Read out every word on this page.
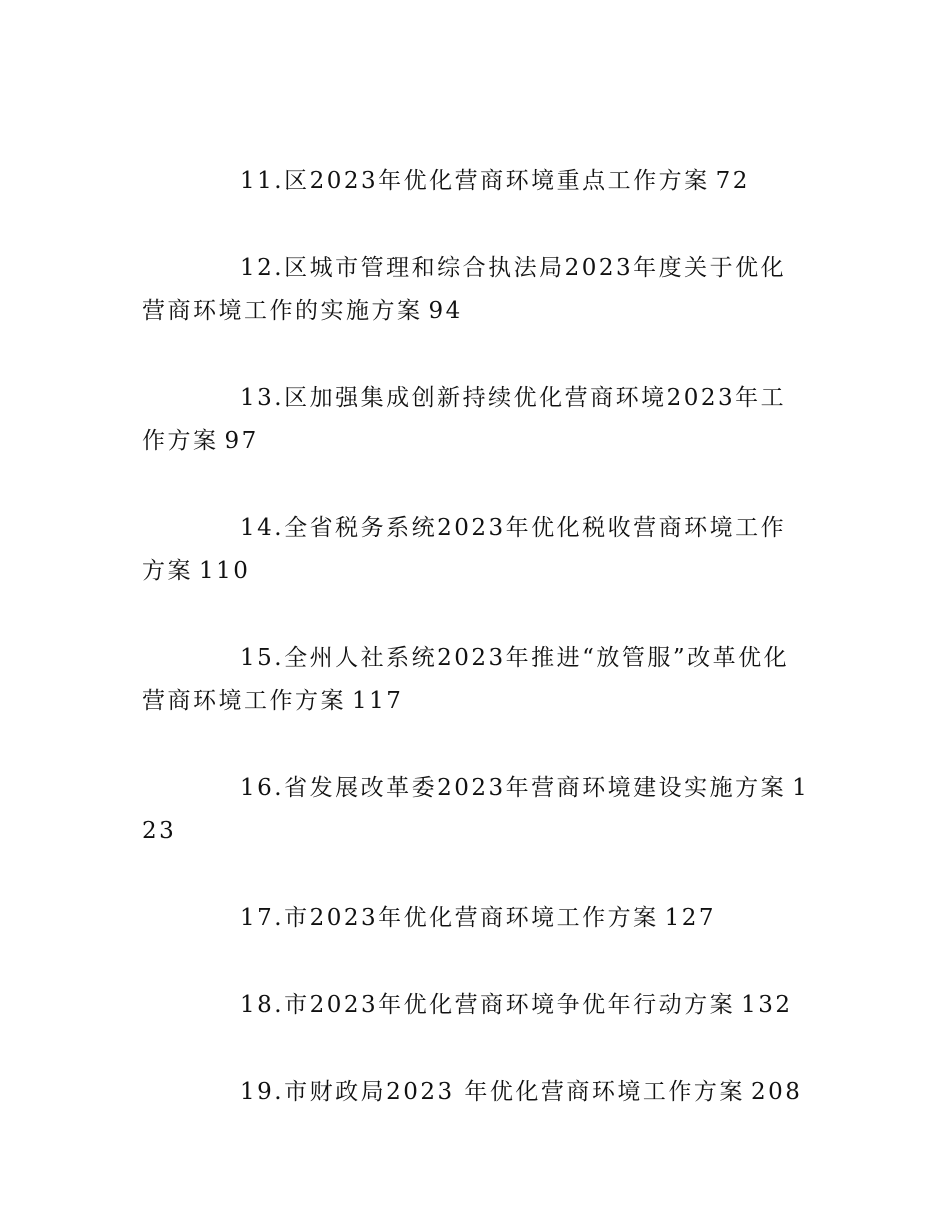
11.区2023年优化营商环境重点工作方案 72

12.区城市管理和综合执法局2023年度关于优化营商环境工作的实施方案 94

13.区加强集成创新持续优化营商环境2023年工作方案 97

14.全省税务系统2023年优化税收营商环境工作方案 110

15.全州人社系统2023年推进“放管服”改革优化营商环境工作方案 117

16.省发展改革委2023年营商环境建设实施方案 123

17.市2023年优化营商环境工作方案 127

18.市2023年优化营商环境争优年行动方案 132

19.市财政局2023 年优化营商环境工作方案 208
